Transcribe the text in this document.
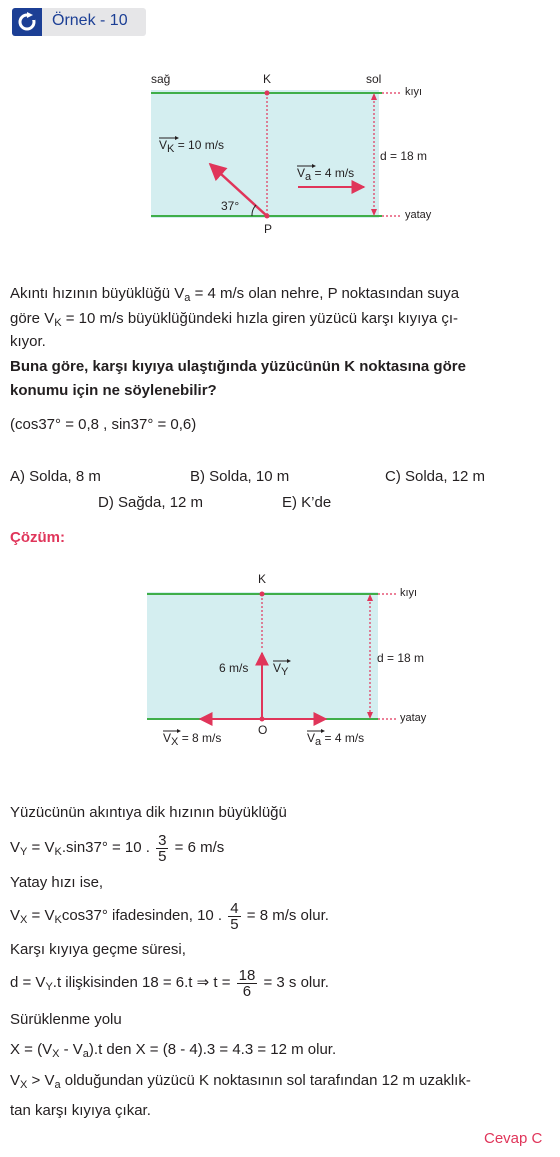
Örnek - 10
sağ	K	sol
kıyı
yatay
P
d = 18 m
37°
$V_K = 10$ m/s
$V_a = 4$ m/s
Akıntı hızının büyüklüğü $V_a = 4$ m/s olan nehre, P noktasından suya
göre $V_K = 10$ m/s büyüklüğündeki hızla giren yüzücü karşı kıyıya çı-
kıyor.
Buna göre, karşı kıyıya ulaştığında yüzücünün K noktasına göre
konumu için ne söylenebilir?
(cos37° = 0,8 , sin37° = 0,6)
A) Solda, 8 m	B) Solda, 10 m	C) Solda, 12 m
D) Sağda, 12 m	E) K’de
Çözüm:
K
kıyı
yatay
d = 18 m
6 m/s $V_Y$
O
$V_X = 8$ m/s	$V_a = 4$ m/s
Yüzücünün akıntıya dik hızının büyüklüğü
$V_Y = V_K.\sin 37^\circ = 10$ . $\frac{3}{5} = 6$ m/s
Yatay hızı ise,
$V_X = V_K\cos 37^\circ$ ifadesinden, 10 . $\frac{4}{5} = 8$ m/s olur.
Karşı kıyıya geçme süresi,
$d = V_Y.t$ ilişkisinden 18 = 6.t ⇒ $t = \frac{18}{6} = 3$ s olur.
Sürüklenme yolu
$X = (V_X - V_a).t$ den X = (8 - 4).3 = 4.3 = 12 m olur.
$V_X > V_a$ olduğundan yüzücü K noktasının sol tarafından 12 m uzaklık-
tan karşı kıyıya çıkar.
Cevap C
